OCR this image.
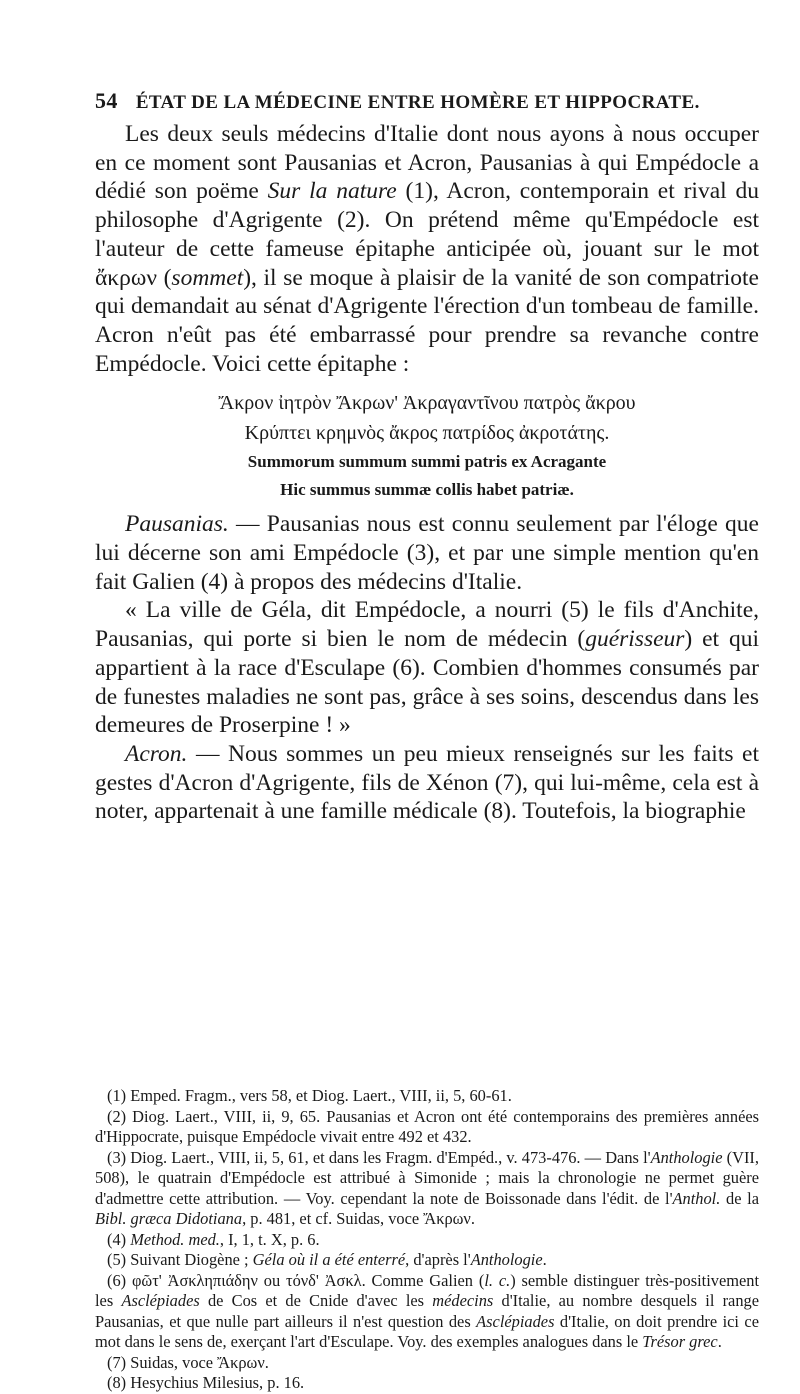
54 ÉTAT DE LA MÉDECINE ENTRE HOMÈRE ET HIPPOCRATE.

Les deux seuls médecins d'Italie dont nous ayons à nous occuper en ce moment sont Pausanias et Acron, Pausanias à qui Empédocle a dédié son poëme Sur la nature (1), Acron, contemporain et rival du philosophe d'Agrigente (2). On prétend même qu'Empédocle est l'auteur de cette fameuse épitaphe anticipée où, jouant sur le mot ἄκρων (sommet), il se moque à plaisir de la vanité de son compatriote qui demandait au sénat d'Agrigente l'érection d'un tombeau de famille. Acron n'eût pas été embarrassé pour prendre sa revanche contre Empédocle. Voici cette épitaphe :

Ἄκρον ἰητρὸν Ἄκρων' Ἀκραγαντῖνου πατρὸς ἄκρου
Κρύπτει κρημνὸς ἄκρος πατρίδος ἀκροτάτης.
Summorum summum summi patris ex Acragante
Hic summus summæ collis habet patriæ.

Pausanias. — Pausanias nous est connu seulement par l'éloge que lui décerne son ami Empédocle (3), et par une simple mention qu'en fait Galien (4) à propos des médecins d'Italie.

« La ville de Géla, dit Empédocle, a nourri (5) le fils d'Anchite, Pausanias, qui porte si bien le nom de médecin (guérisseur) et qui appartient à la race d'Esculape (6). Combien d'hommes consumés par de funestes maladies ne sont pas, grâce à ses soins, descendus dans les demeures de Proserpine ! »

Acron. — Nous sommes un peu mieux renseignés sur les faits et gestes d'Acron d'Agrigente, fils de Xénon (7), qui lui-même, cela est à noter, appartenait à une famille médicale (8). Toutefois, la biographie

(1) Emped. Fragm., vers 58, et Diog. Laert., VIII, ii, 5, 60-61.

(2) Diog. Laert., VIII, ii, 9, 65. Pausanias et Acron ont été contemporains des premières années d'Hippocrate, puisque Empédocle vivait entre 492 et 432.

(3) Diog. Laert., VIII, ii, 5, 61, et dans les Fragm. d'Empéd., v. 473-476. — Dans l'Anthologie (VII, 508), le quatrain d'Empédocle est attribué à Simonide ; mais la chronologie ne permet guère d'admettre cette attribution. — Voy. cependant la note de Boissonade dans l'édit. de l'Anthol. de la Bibl. græca Didotiana, p. 481, et cf. Suidas, voce Ἄκρων.

(4) Method. med., I, 1, t. X, p. 6.

(5) Suivant Diogène ; Géla où il a été enterré, d'après l'Anthologie.

(6) φῶτ' Ἀσκληπιάδην ou τόνδ' Ἀσκλ. Comme Galien (l. c.) semble distinguer très-positivement les Asclépiades de Cos et de Cnide d'avec les médecins d'Italie, au nombre desquels il range Pausanias, et que nulle part ailleurs il n'est question des Asclépiades d'Italie, on doit prendre ici ce mot dans le sens de, exerçant l'art d'Esculape. Voy. des exemples analogues dans le Trésor grec.

(7) Suidas, voce Ἄκρων.

(8) Hesychius Milesius, p. 16.
